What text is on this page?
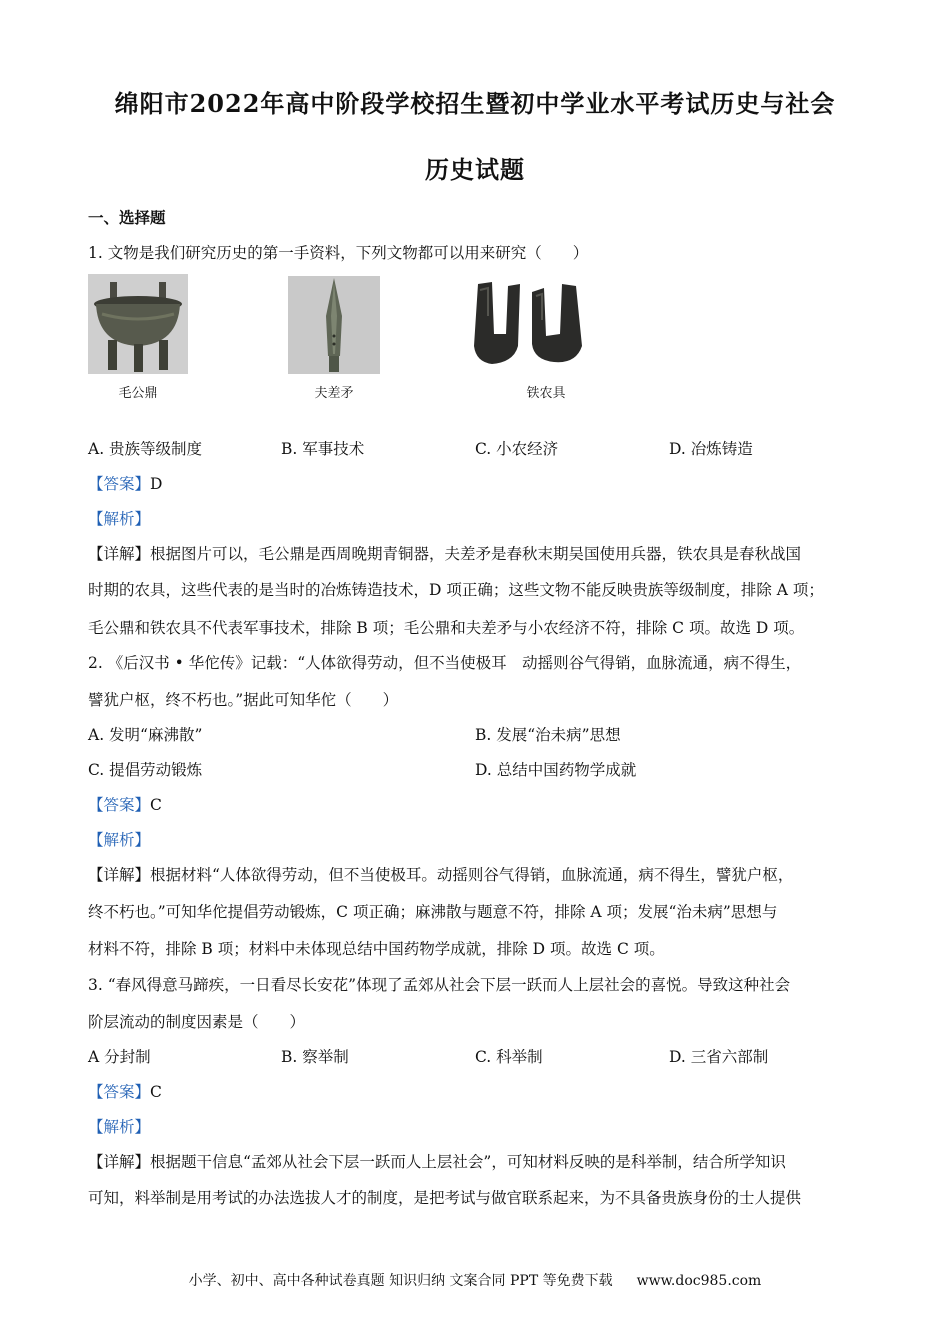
绵阳市2022年高中阶段学校招生暨初中学业水平考试历史与社会
历史试题
一、选择题
1. 文物是我们研究历史的第一手资料，下列文物都可以用来研究（　　）
毛公鼎	夫差矛	铁农具
A. 贵族等级制度	B. 军事技术	C. 小农经济	D. 冶炼铸造
【答案】D
【解析】
【详解】根据图片可以，毛公鼎是西周晚期青铜器，夫差矛是春秋末期吴国使用兵器，铁农具是春秋战国
时期的农具，这些代表的是当时的冶炼铸造技术，D 项正确；这些文物不能反映贵族等级制度，排除 A 项；
毛公鼎和铁农具不代表军事技术，排除 B 项；毛公鼎和夫差矛与小农经济不符，排除 C 项。故选 D 项。
2. 《后汉书 • 华佗传》记载：“人体欲得劳动，但不当使极耳　动摇则谷气得销，血脉流通，病不得生，
譬犹户枢，终不朽也。”据此可知华佗（　　）
A. 发明“麻沸散”	B. 发展“治未病”思想
C. 提倡劳动锻炼	D. 总结中国药物学成就
【答案】C
【解析】
【详解】根据材料“人体欲得劳动，但不当使极耳。动摇则谷气得销，血脉流通，病不得生，譬犹户枢，
终不朽也。”可知华佗提倡劳动锻炼，C 项正确；麻沸散与题意不符，排除 A 项；发展“治未病”思想与
材料不符，排除 B 项；材料中未体现总结中国药物学成就，排除 D 项。故选 C 项。
3. “春风得意马蹄疾，一日看尽长安花”体现了孟郊从社会下层一跃而人上层社会的喜悦。导致这种社会
阶层流动的制度因素是（　　）
A 分封制	B. 察举制	C. 科举制	D. 三省六部制
【答案】C
【解析】
【详解】根据题干信息“孟郊从社会下层一跃而人上层社会”，可知材料反映的是科举制，结合所学知识
可知，料举制是用考试的办法选拔人才的制度，是把考试与做官联系起来，为不具备贵族身份的士人提供
小学、初中、高中各种试卷真题 知识归纳 文案合同 PPT 等免费下载 www.doc985.com
